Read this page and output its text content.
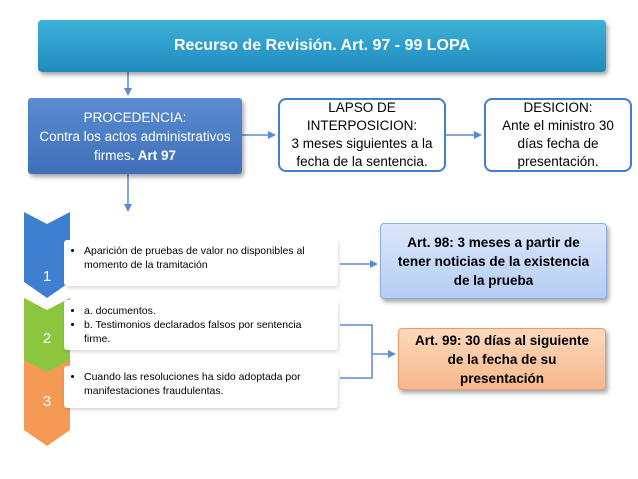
Recurso de Revisión. Art. 97 - 99 LOPA
PROCEDENCIA:
Contra los actos administrativos
firmes. Art 97
LAPSO DE
INTERPOSICION:
3 meses siguientes a la
fecha de la sentencia.
DESICION:
Ante el ministro 30
días fecha de
presentación.
1
• Aparición de pruebas de valor no disponibles al momento de la tramitación
2
• a. documentos.
• b. Testimonios declarados falsos por sentencia firme.
3
• Cuando las resoluciones ha sido adoptada por manifestaciones fraudulentas.
Art. 98: 3 meses a partir de
tener noticias de la existencia
de la prueba
Art. 99: 30 días al siguiente
de la fecha de su
presentación
